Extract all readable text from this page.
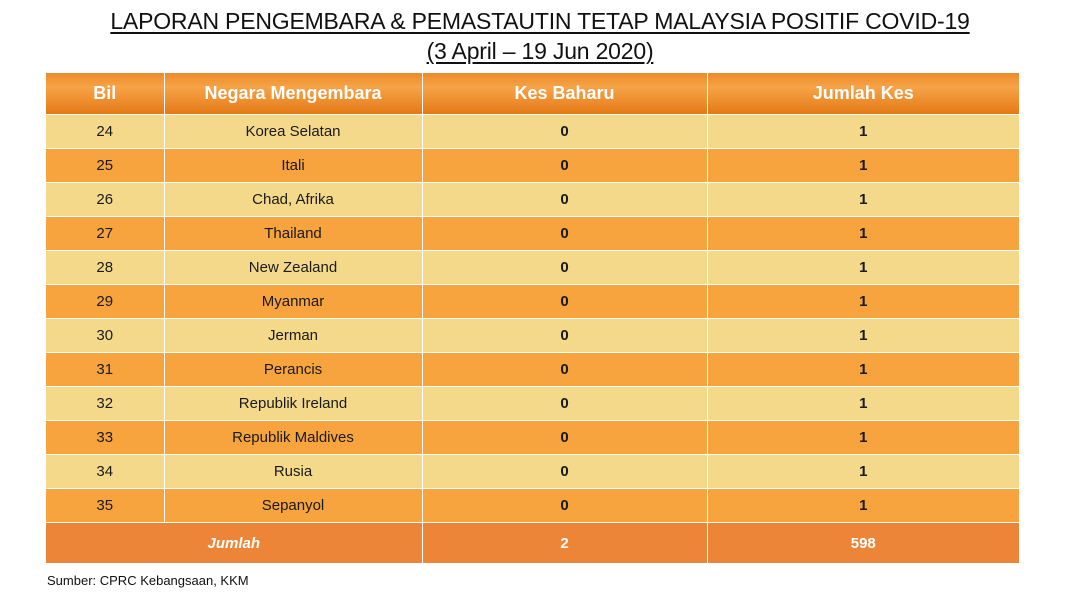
LAPORAN PENGEMBARA & PEMASTAUTIN TETAP MALAYSIA POSITIF COVID-19
(3 April – 19 Jun 2020)
Bil	Negara Mengembara	Kes Baharu	Jumlah Kes
24	Korea Selatan	0	1
25	Itali	0	1
26	Chad, Afrika	0	1
27	Thailand	0	1
28	New Zealand	0	1
29	Myanmar	0	1
30	Jerman	0	1
31	Perancis	0	1
32	Republik Ireland	0	1
33	Republik Maldives	0	1
34	Rusia	0	1
35	Sepanyol	0	1
Jumlah		2	598
Sumber: CPRC Kebangsaan, KKM
